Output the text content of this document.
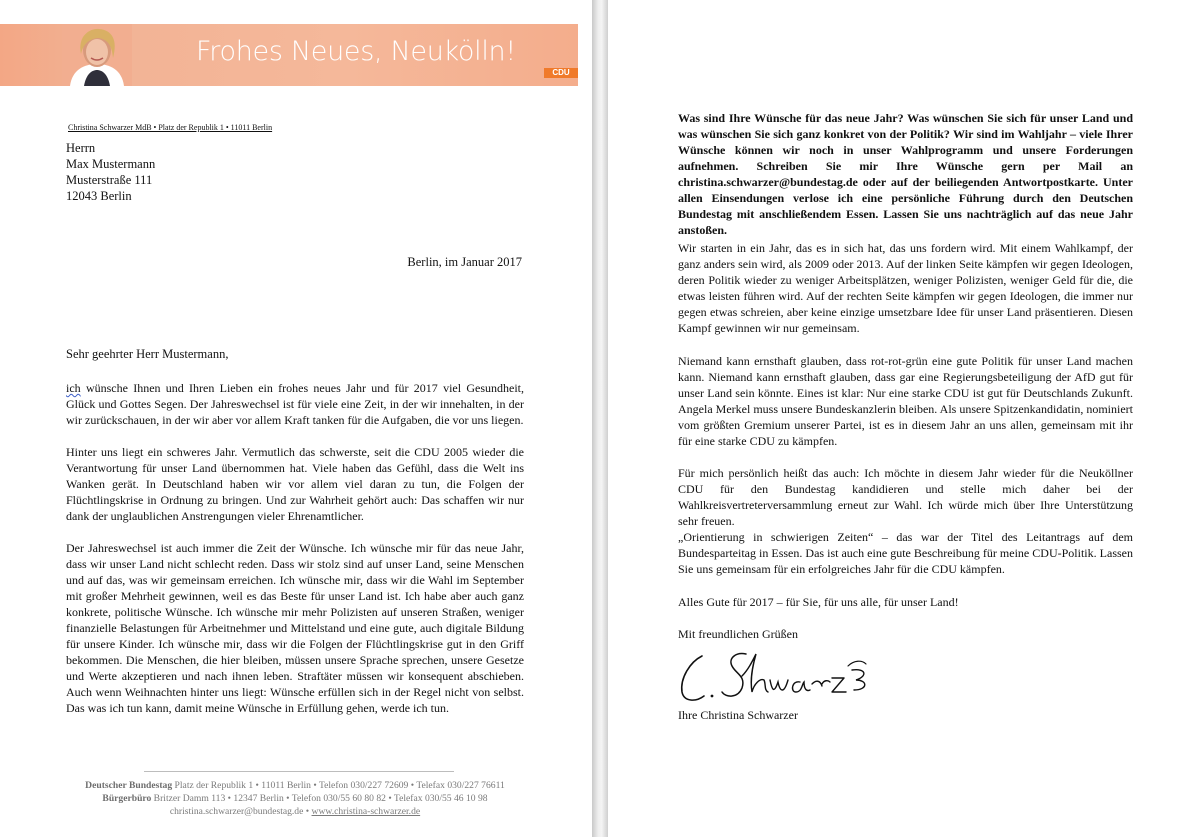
Frohes Neues, Neukölln!
CDU
Christina Schwarzer MdB • Platz der Republik 1 • 11011 Berlin
Herrn
Max Mustermann
Musterstraße 111
12043 Berlin
Berlin, im Januar 2017
Sehr geehrter Herr Mustermann,

ich wünsche Ihnen und Ihren Lieben ein frohes neues Jahr und für 2017 viel Gesundheit, Glück und Gottes Segen. Der Jahreswechsel ist für viele eine Zeit, in der wir innehalten, in der wir zurückschauen, in der wir aber vor allem Kraft tanken für die Aufgaben, die vor uns liegen.

Hinter uns liegt ein schweres Jahr. Vermutlich das schwerste, seit die CDU 2005 wieder die Verantwortung für unser Land übernommen hat. Viele haben das Gefühl, dass die Welt ins Wanken gerät. In Deutschland haben wir vor allem viel daran zu tun, die Folgen der Flüchtlingskrise in Ordnung zu bringen. Und zur Wahrheit gehört auch: Das schaffen wir nur dank der unglaublichen Anstrengungen vieler Ehrenamtlicher.

Der Jahreswechsel ist auch immer die Zeit der Wünsche. Ich wünsche mir für das neue Jahr, dass wir unser Land nicht schlecht reden. Dass wir stolz sind auf unser Land, seine Menschen und auf das, was wir gemeinsam erreichen. Ich wünsche mir, dass wir die Wahl im September mit großer Mehrheit gewinnen, weil es das Beste für unser Land ist. Ich habe aber auch ganz konkrete, politische Wünsche. Ich wünsche mir mehr Polizisten auf unseren Straßen, weniger finanzielle Belastungen für Arbeitnehmer und Mittelstand und eine gute, auch digitale Bildung für unsere Kinder. Ich wünsche mir, dass wir die Folgen der Flüchtlingskrise gut in den Griff bekommen. Die Menschen, die hier bleiben, müssen unsere Sprache sprechen, unsere Gesetze und Werte akzeptieren und nach ihnen leben. Straftäter müssen wir konsequent abschieben. Auch wenn Weihnachten hinter uns liegt: Wünsche erfüllen sich in der Regel nicht von selbst. Das was ich tun kann, damit meine Wünsche in Erfüllung gehen, werde ich tun.

Deutscher Bundestag Platz der Republik 1 • 11011 Berlin • Telefon 030/227 72609 • Telefax 030/227 76611
Bürgerbüro Britzer Damm 113 • 12347 Berlin • Telefon 030/55 60 80 82 • Telefax 030/55 46 10 98
christina.schwarzer@bundestag.de • www.christina-schwarzer.de

Was sind Ihre Wünsche für das neue Jahr? Was wünschen Sie sich für unser Land und was wünschen Sie sich ganz konkret von der Politik? Wir sind im Wahljahr – viele Ihrer Wünsche können wir noch in unser Wahlprogramm und unsere Forderungen aufnehmen. Schreiben Sie mir Ihre Wünsche gern per Mail an christina.schwarzer@bundestag.de oder auf der beiliegenden Antwortpostkarte. Unter allen Einsendungen verlose ich eine persönliche Führung durch den Deutschen Bundestag mit anschließendem Essen. Lassen Sie uns nachträglich auf das neue Jahr anstoßen.

Wir starten in ein Jahr, das es in sich hat, das uns fordern wird. Mit einem Wahlkampf, der ganz anders sein wird, als 2009 oder 2013. Auf der linken Seite kämpfen wir gegen Ideologen, deren Politik wieder zu weniger Arbeitsplätzen, weniger Polizisten, weniger Geld für die, die etwas leisten führen wird. Auf der rechten Seite kämpfen wir gegen Ideologen, die immer nur gegen etwas schreien, aber keine einzige umsetzbare Idee für unser Land präsentieren. Diesen Kampf gewinnen wir nur gemeinsam.

Niemand kann ernsthaft glauben, dass rot-rot-grün eine gute Politik für unser Land machen kann. Niemand kann ernsthaft glauben, dass gar eine Regierungsbeteiligung der AfD gut für unser Land sein könnte. Eines ist klar: Nur eine starke CDU ist gut für Deutschlands Zukunft. Angela Merkel muss unsere Bundeskanzlerin bleiben. Als unsere Spitzenkandidatin, nominiert vom größten Gremium unserer Partei, ist es in diesem Jahr an uns allen, gemeinsam mit ihr für eine starke CDU zu kämpfen.

Für mich persönlich heißt das auch: Ich möchte in diesem Jahr wieder für die Neuköllner CDU für den Bundestag kandidieren und stelle mich daher bei der Wahlkreisvertreterversammlung erneut zur Wahl. Ich würde mich über Ihre Unterstützung sehr freuen.

„Orientierung in schwierigen Zeiten“ – das war der Titel des Leitantrags auf dem Bundesparteitag in Essen. Das ist auch eine gute Beschreibung für meine CDU-Politik. Lassen Sie uns gemeinsam für ein erfolgreiches Jahr für die CDU kämpfen.

Alles Gute für 2017 – für Sie, für uns alle, für unser Land!

Mit freundlichen Grüßen

Ihre Christina Schwarzer
